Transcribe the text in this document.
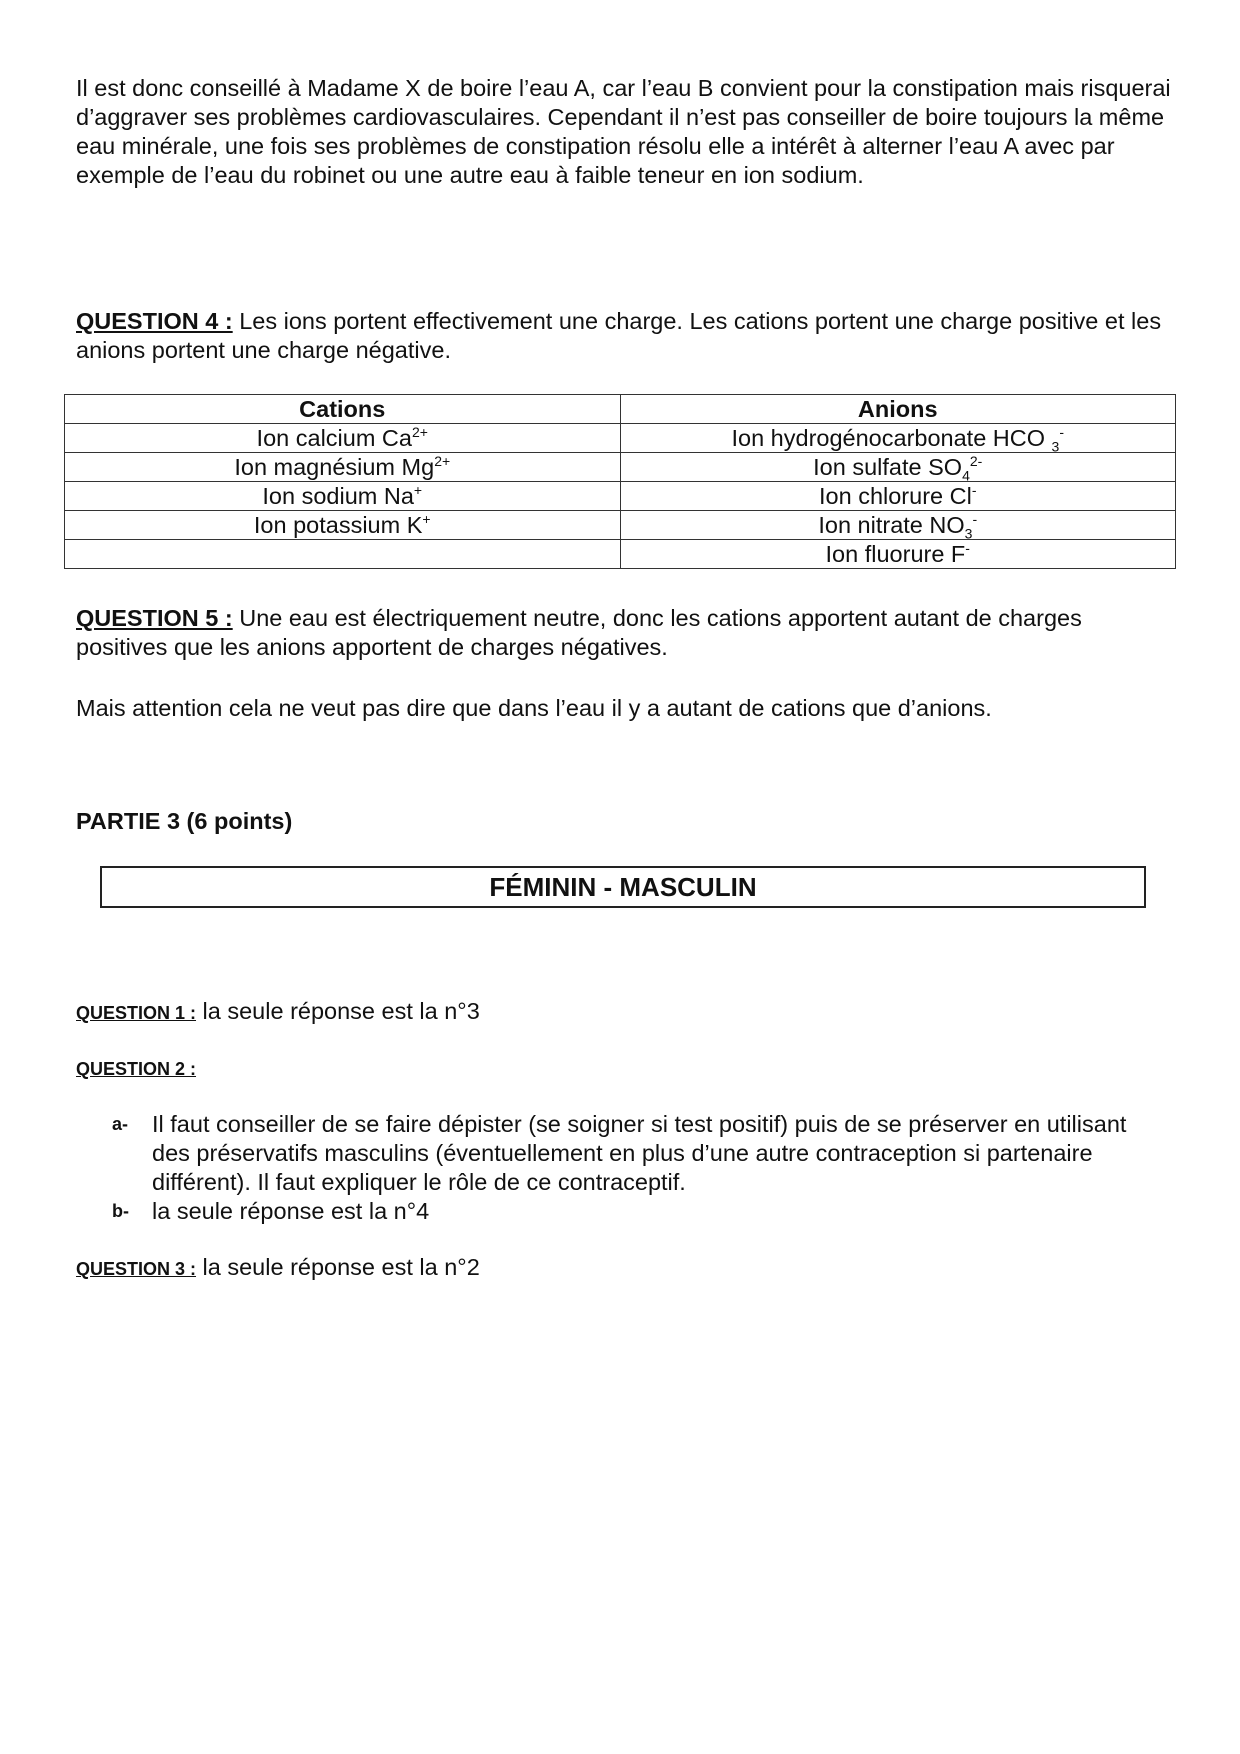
Il est donc conseillé à Madame X de boire l’eau A, car l’eau B convient pour la constipation mais risquerai d’aggraver ses problèmes cardiovasculaires. Cependant il n’est pas conseiller de boire toujours la même eau minérale, une fois ses problèmes de constipation résolu elle a intérêt à alterner l’eau A avec par exemple de l’eau du robinet ou une autre eau à faible teneur en ion sodium.

QUESTION 4 : Les ions portent effectivement une charge. Les cations portent une charge positive et les anions portent une charge négative.

Cations	Anions
Ion calcium $Ca^{2+}$	Ion hydrogénocarbonate HCO $_3$-
Ion magnésium $Mg^{2+}$	Ion sulfate $SO_4^{2-}$
Ion sodium Na+	Ion chlorure Cl-
Ion potassium K+	Ion nitrate $NO_3^-$
	Ion fluorure F-

QUESTION 5 : Une eau est électriquement neutre, donc les cations apportent autant de charges positives que les anions apportent de charges négatives.

Mais attention cela ne veut pas dire que dans l’eau il y a autant de cations que d’anions.

PARTIE 3 (6 points)

FÉMININ - MASCULIN

QUESTION 1 : la seule réponse est la n°3

QUESTION 2 :

a- Il faut conseiller de se faire dépister (se soigner si test positif) puis de se préserver en utilisant des préservatifs masculins (éventuellement en plus d’une autre contraception si partenaire différent). Il faut expliquer le rôle de ce contraceptif.
b- la seule réponse est la n°4

QUESTION 3 : la seule réponse est la n°2
